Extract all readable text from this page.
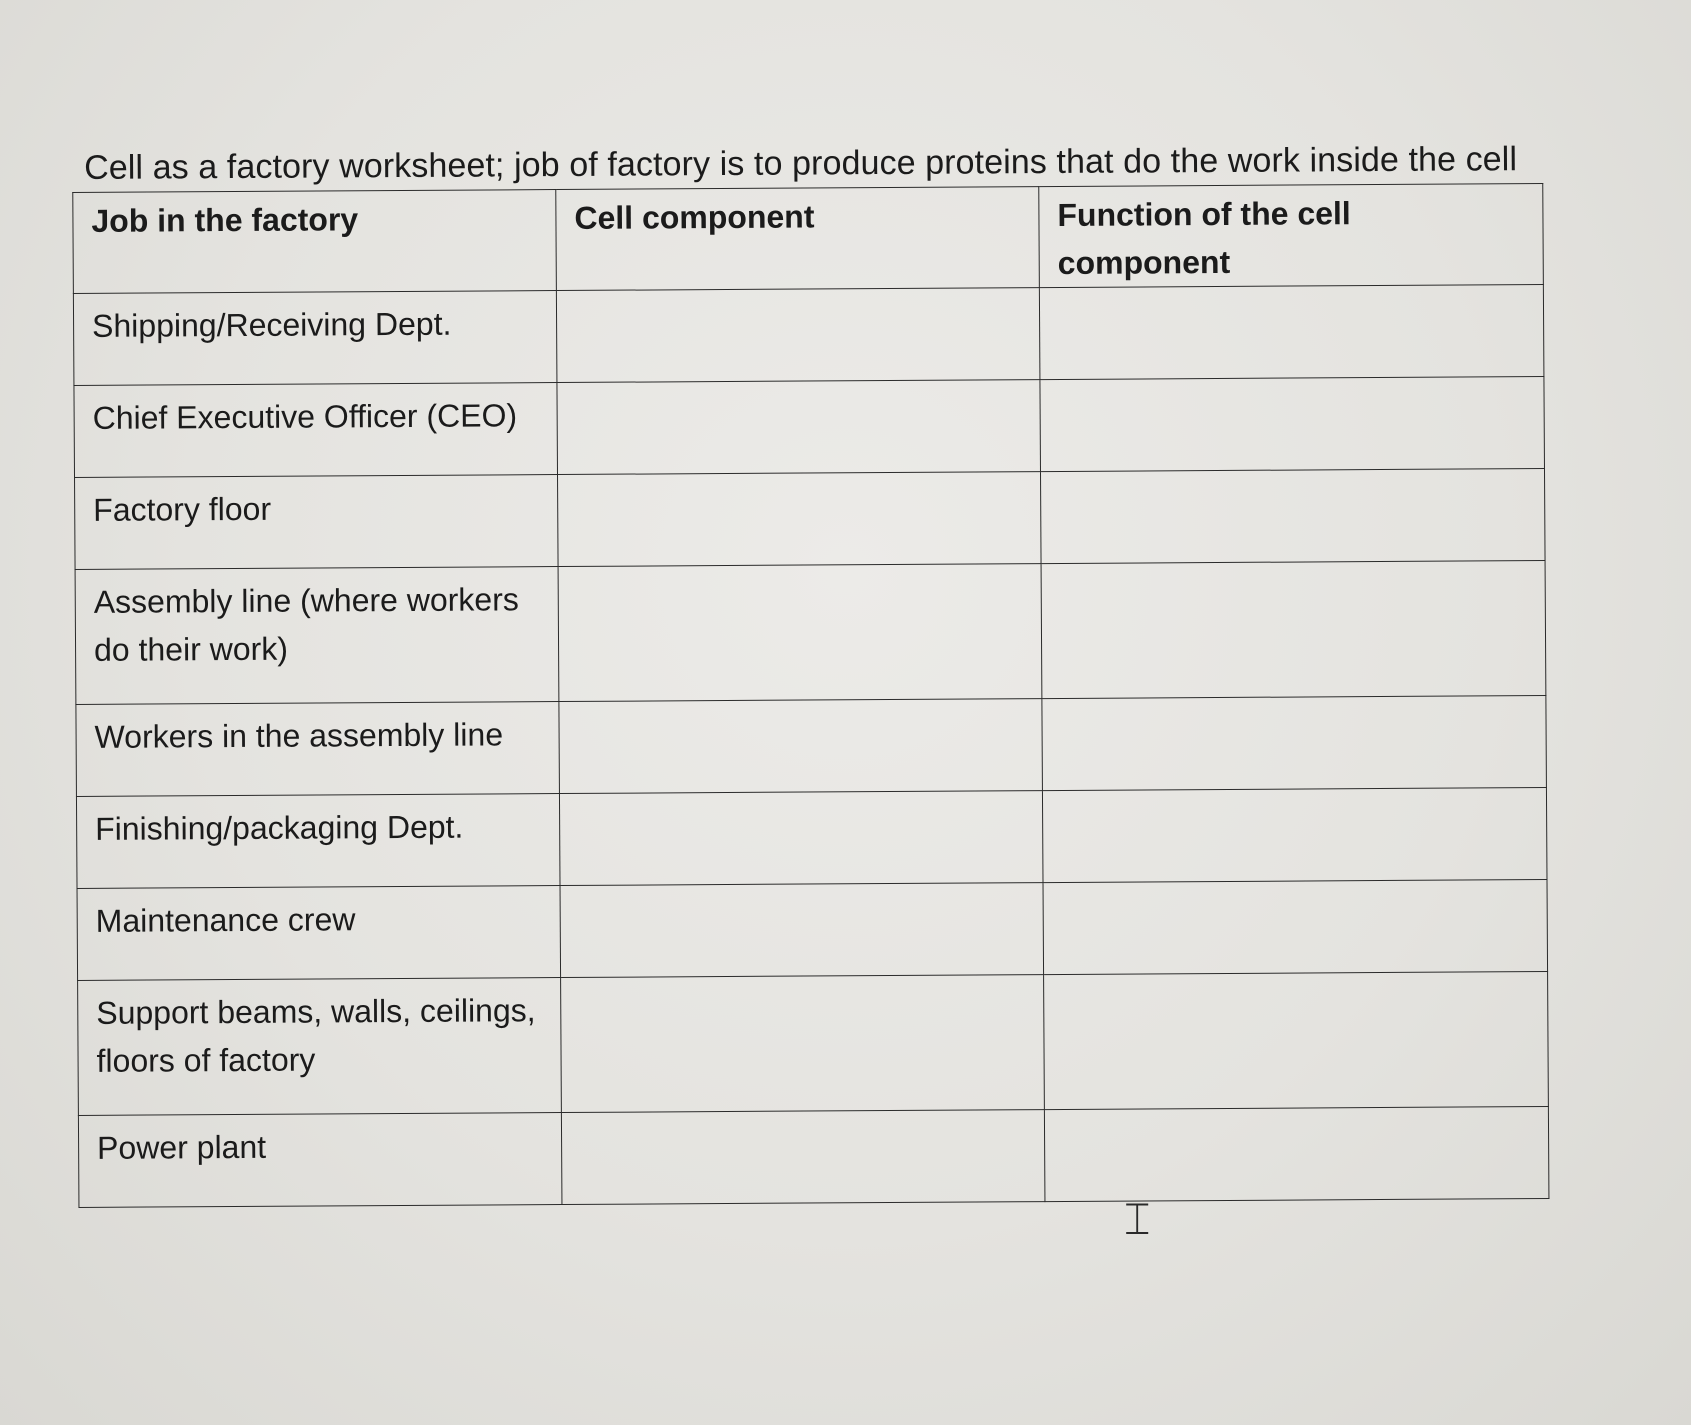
Cell as a factory worksheet; job of factory is to produce proteins that do the work inside the cell
Job in the factory	Cell component	Function of the cell component
Shipping/Receiving Dept.		
Chief Executive Officer (CEO)		
Factory floor		
Assembly line (where workers do their work)		
Workers in the assembly line		
Finishing/packaging Dept.		
Maintenance crew		
Support beams, walls, ceilings, floors of factory		
Power plant		
⌶
